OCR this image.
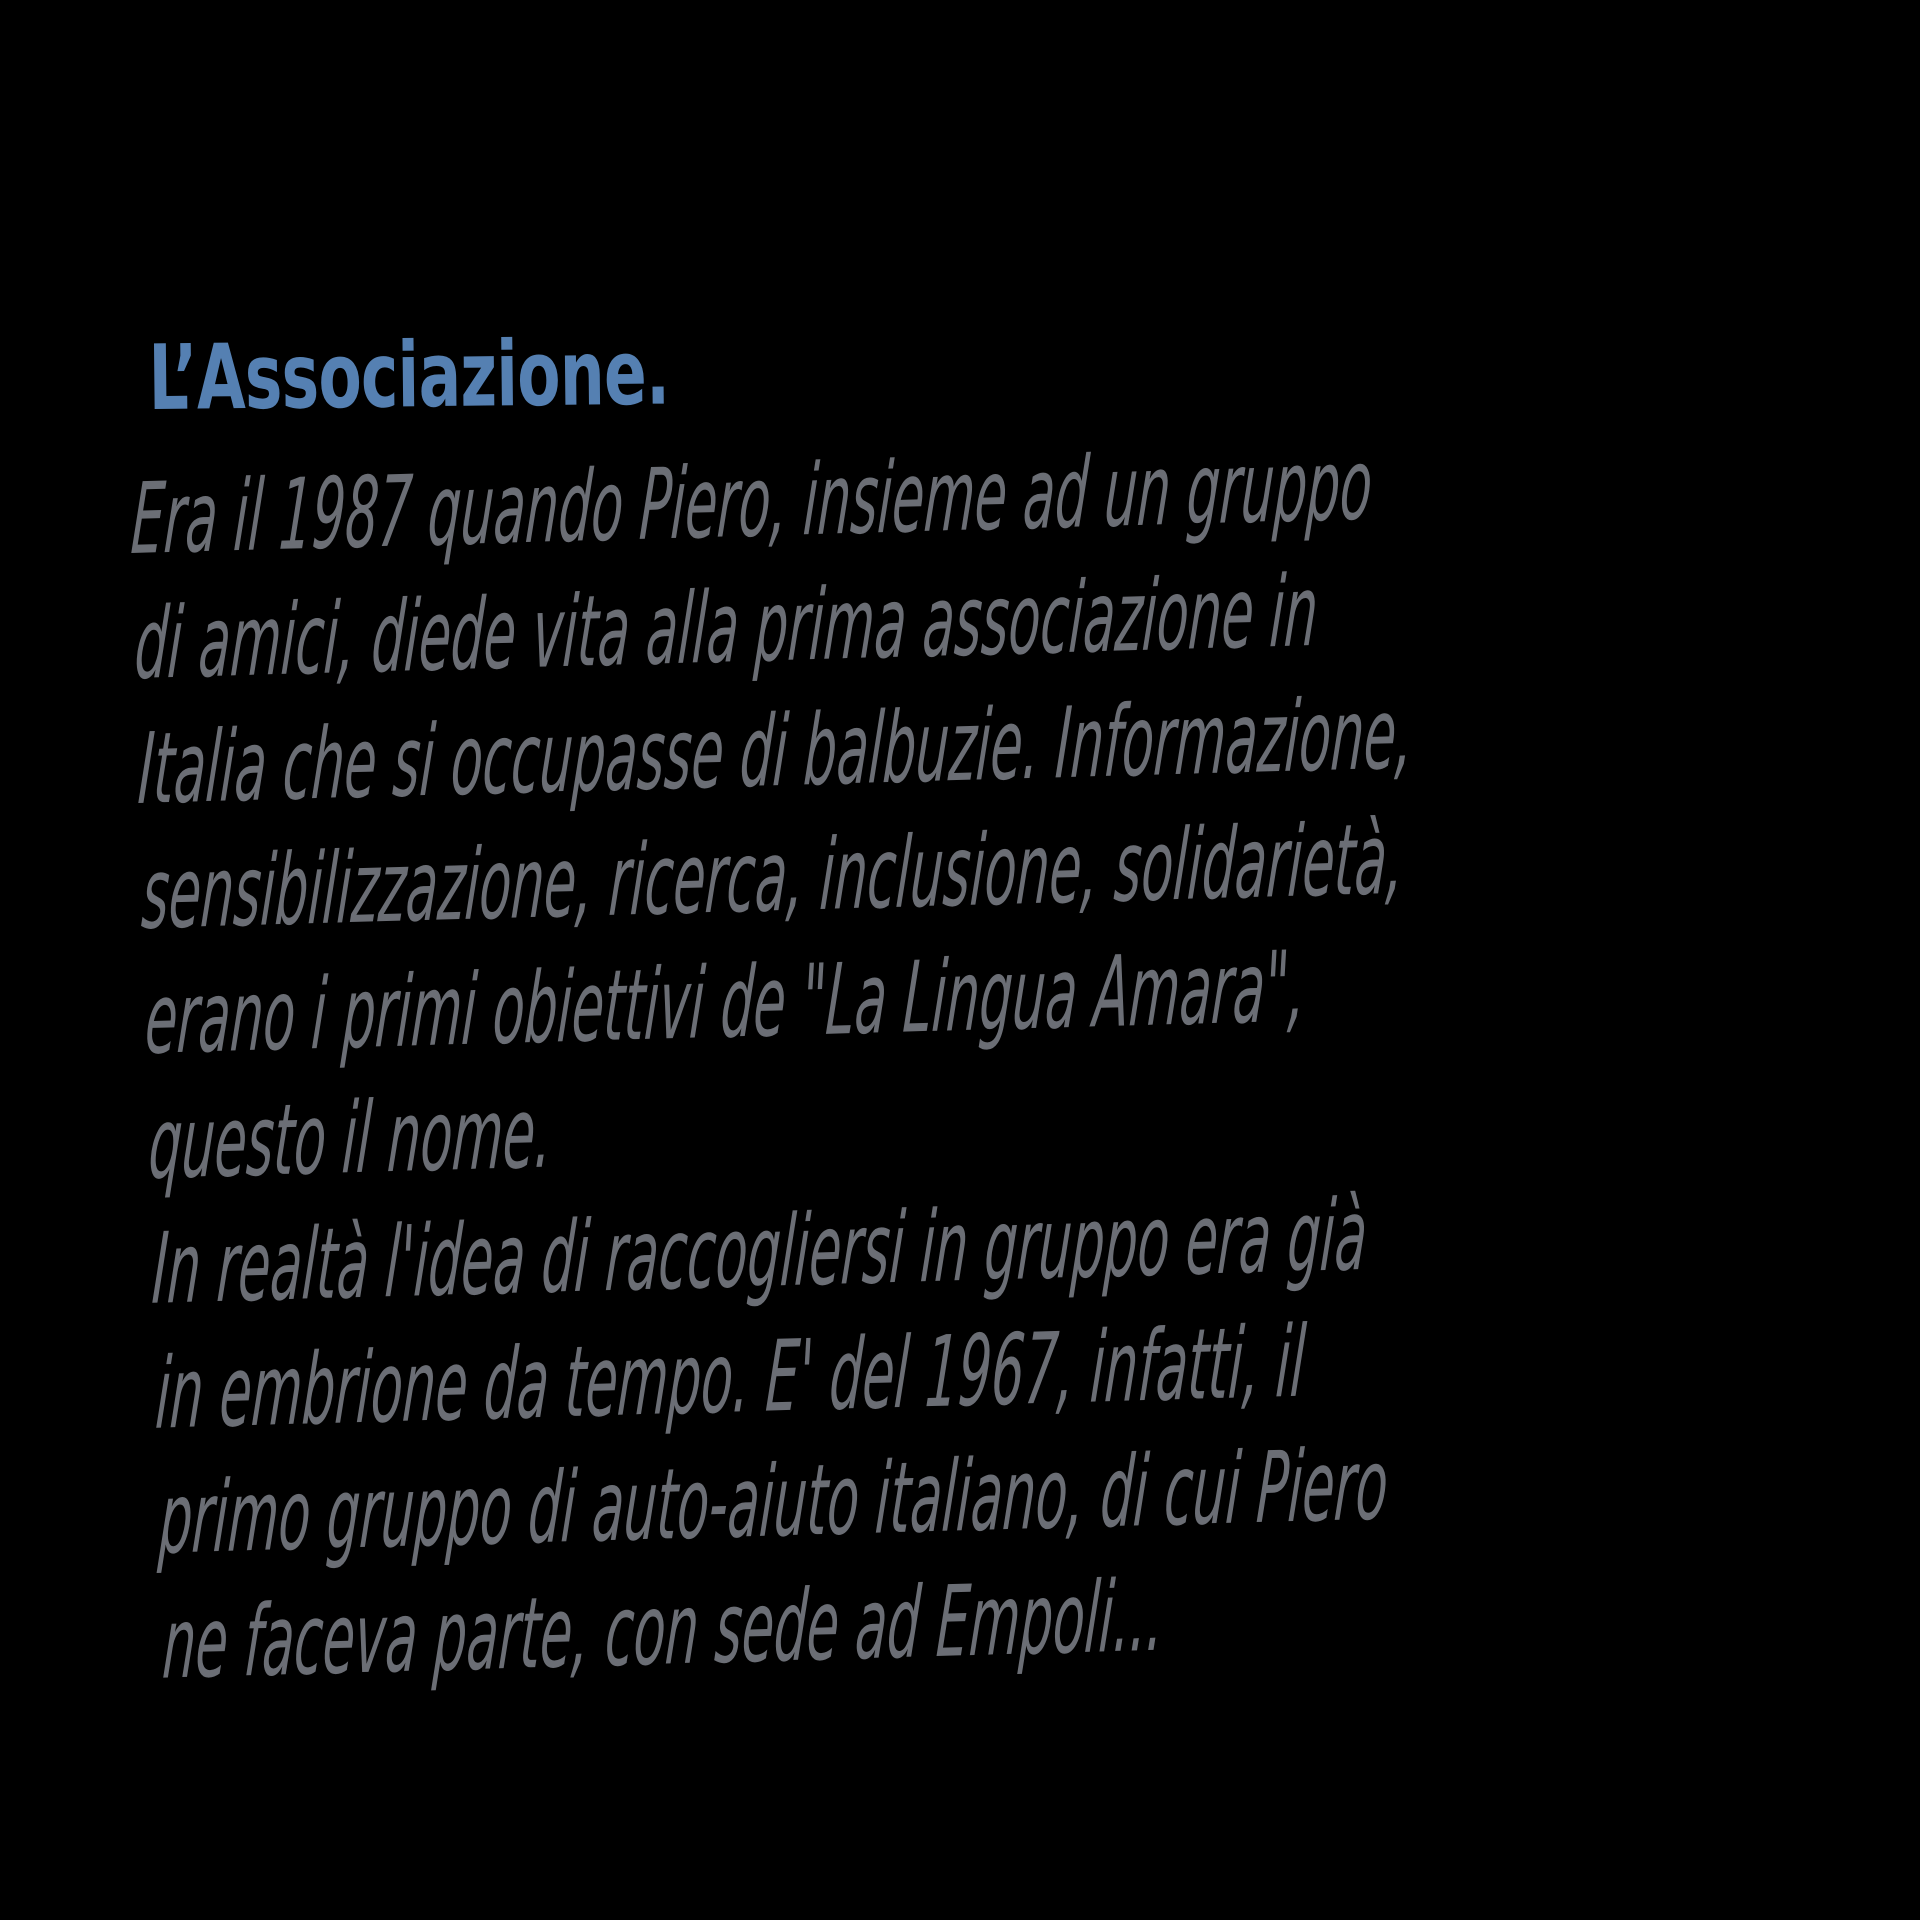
L’Associazione.
Era il 1987 quando Piero, insieme ad un gruppo
di amici, diede vita alla prima associazione in
Italia che si occupasse di balbuzie. Informazione,
sensibilizzazione, ricerca, inclusione, solidarietà,
erano i primi obiettivi de "La Lingua Amara",
questo il nome.
In realtà l'idea di raccogliersi in gruppo era già
in embrione da tempo. E' del 1967, infatti, il
primo gruppo di auto-aiuto italiano, di cui Piero
ne faceva parte, con sede ad Empoli...
